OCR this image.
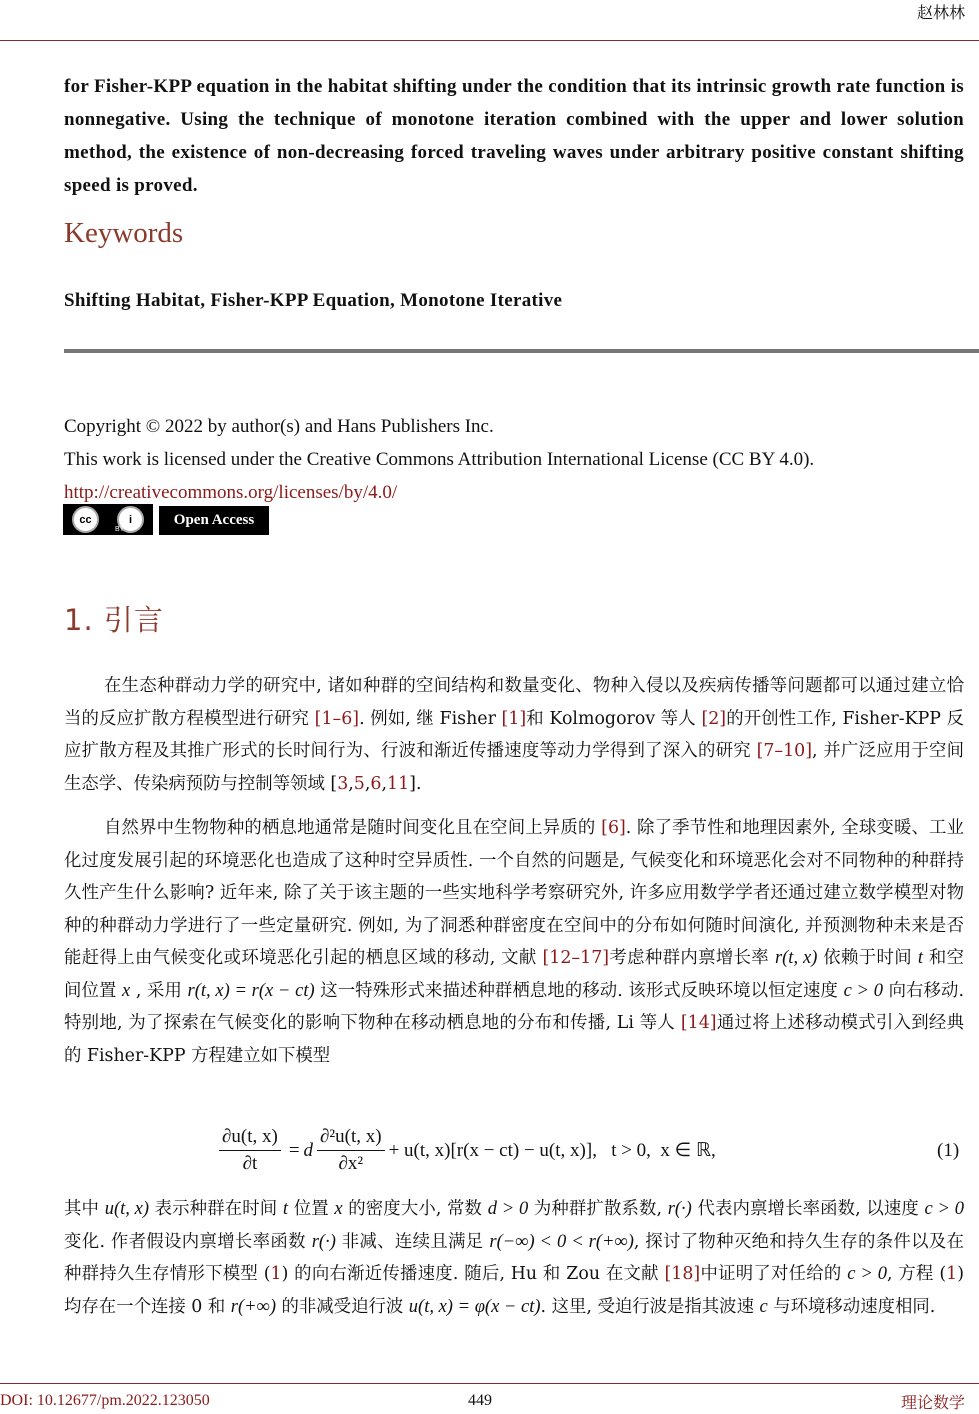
赵林林

for Fisher-KPP equation in the habitat shifting under the condition that its intrinsic growth rate function is nonnegative. Using the technique of monotone iteration combined with the upper and lower solution method, the existence of non-decreasing forced traveling waves under arbitrary positive constant shifting speed is proved.

Keywords
Shifting Habitat, Fisher-KPP Equation, Monotone Iterative
Copyright © 2022 by author(s) and Hans Publishers Inc.
This work is licensed under the Creative Commons Attribution International License (CC BY 4.0).
http://creativecommons.org/licenses/by/4.0/
cc	i
BY
Open Access
1. 引言

在生态种群动力学的研究中, 诸如种群的空间结构和数量变化、物种入侵以及疾病传播等问题都可以通过建立恰当的反应扩散方程模型进行研究 [1–6]. 例如, 继 Fisher [1]和 Kolmogorov 等人 [2]的开创性工作, Fisher-KPP 反应扩散方程及其推广形式的长时间行为、行波和渐近传播速度等动力学得到了深入的研究 [7–10], 并广泛应用于空间生态学、传染病预防与控制等领域 [3,5,6,11].

自然界中生物物种的栖息地通常是随时间变化且在空间上异质的 [6]. 除了季节性和地理因素外, 全球变暖、工业化过度发展引起的环境恶化也造成了这种时空异质性. 一个自然的问题是, 气候变化和环境恶化会对不同物种的种群持久性产生什么影响? 近年来, 除了关于该主题的一些实地科学考察研究外, 许多应用数学学者还通过建立数学模型对物种的种群动力学进行了一些定量研究. 例如, 为了洞悉种群密度在空间中的分布如何随时间演化, 并预测物种未来是否能赶得上由气候变化或环境恶化引起的栖息区域的移动, 文献 [12–17]考虑种群内禀增长率 r(t, x) 依赖于时间 t 和空间位置 x , 采用 r(t, x) = r(x − ct) 这一特殊形式来描述种群栖息地的移动. 该形式反映环境以恒定速度 c > 0 向右移动. 特别地, 为了探索在气候变化的影响下物种在移动栖息地的分布和传播, Li 等人 [14]通过将上述移动模式引入到经典的 Fisher-KPP 方程建立如下模型

$\frac{\partial u(t, x)}{\partial t} = d \frac{\text{∂²u(t, x)}}{\text{∂x²}} + u(t$, x)[r(x − ct) − u(t, x)],   t > 0,  x ∈ ℝ,	(1)

其中 u(t, x) 表示种群在时间 t 位置 x 的密度大小, 常数 d > 0 为种群扩散系数, r(·) 代表内禀增长率函数, 以速度 c > 0 变化. 作者假设内禀增长率函数 r(·) 非减、连续且满足 r(−∞) < 0 < r(+∞), 探讨了物种灭绝和持久生存的条件以及在种群持久生存情形下模型 (1) 的向右渐近传播速度. 随后, Hu 和 Zou 在文献 [18]中证明了对任给的 c > 0, 方程 (1) 均存在一个连接 0 和 r(+∞) 的非减受迫行波 u(t, x) = φ(x − ct). 这里, 受迫行波是指其波速 c 与环境移动速度相同.

DOI: 10.12677/pm.2022.123050	449	理论数学
